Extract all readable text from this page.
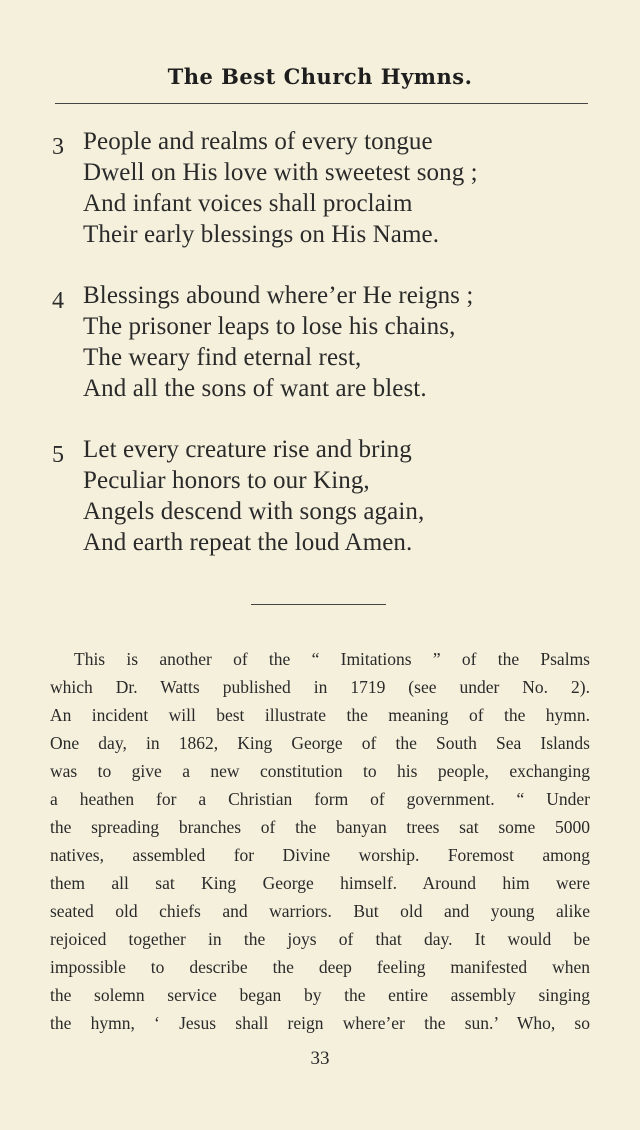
The Best Church Hymns.
3 People and realms of every tongue
Dwell on His love with sweetest song ;
And infant voices shall proclaim
Their early blessings on His Name.
4 Blessings abound where’er He reigns ;
The prisoner leaps to lose his chains,
The weary find eternal rest,
And all the sons of want are blest.
5 Let every creature rise and bring
Peculiar honors to our King,
Angels descend with songs again,
And earth repeat the loud Amen.
This is another of the “ Imitations ” of the Psalms
which Dr. Watts published in 1719 (see under No. 2).
An incident will best illustrate the meaning of the hymn.
One day, in 1862, King George of the South Sea Islands
was to give a new constitution to his people, exchanging
a heathen for a Christian form of government. “ Under
the spreading branches of the banyan trees sat some 5000
natives, assembled for Divine worship. Foremost among
them all sat King George himself. Around him were
seated old chiefs and warriors. But old and young alike
rejoiced together in the joys of that day. It would be
impossible to describe the deep feeling manifested when
the solemn service began by the entire assembly singing
the hymn, ‘ Jesus shall reign where’er the sun.’ Who, so
33
